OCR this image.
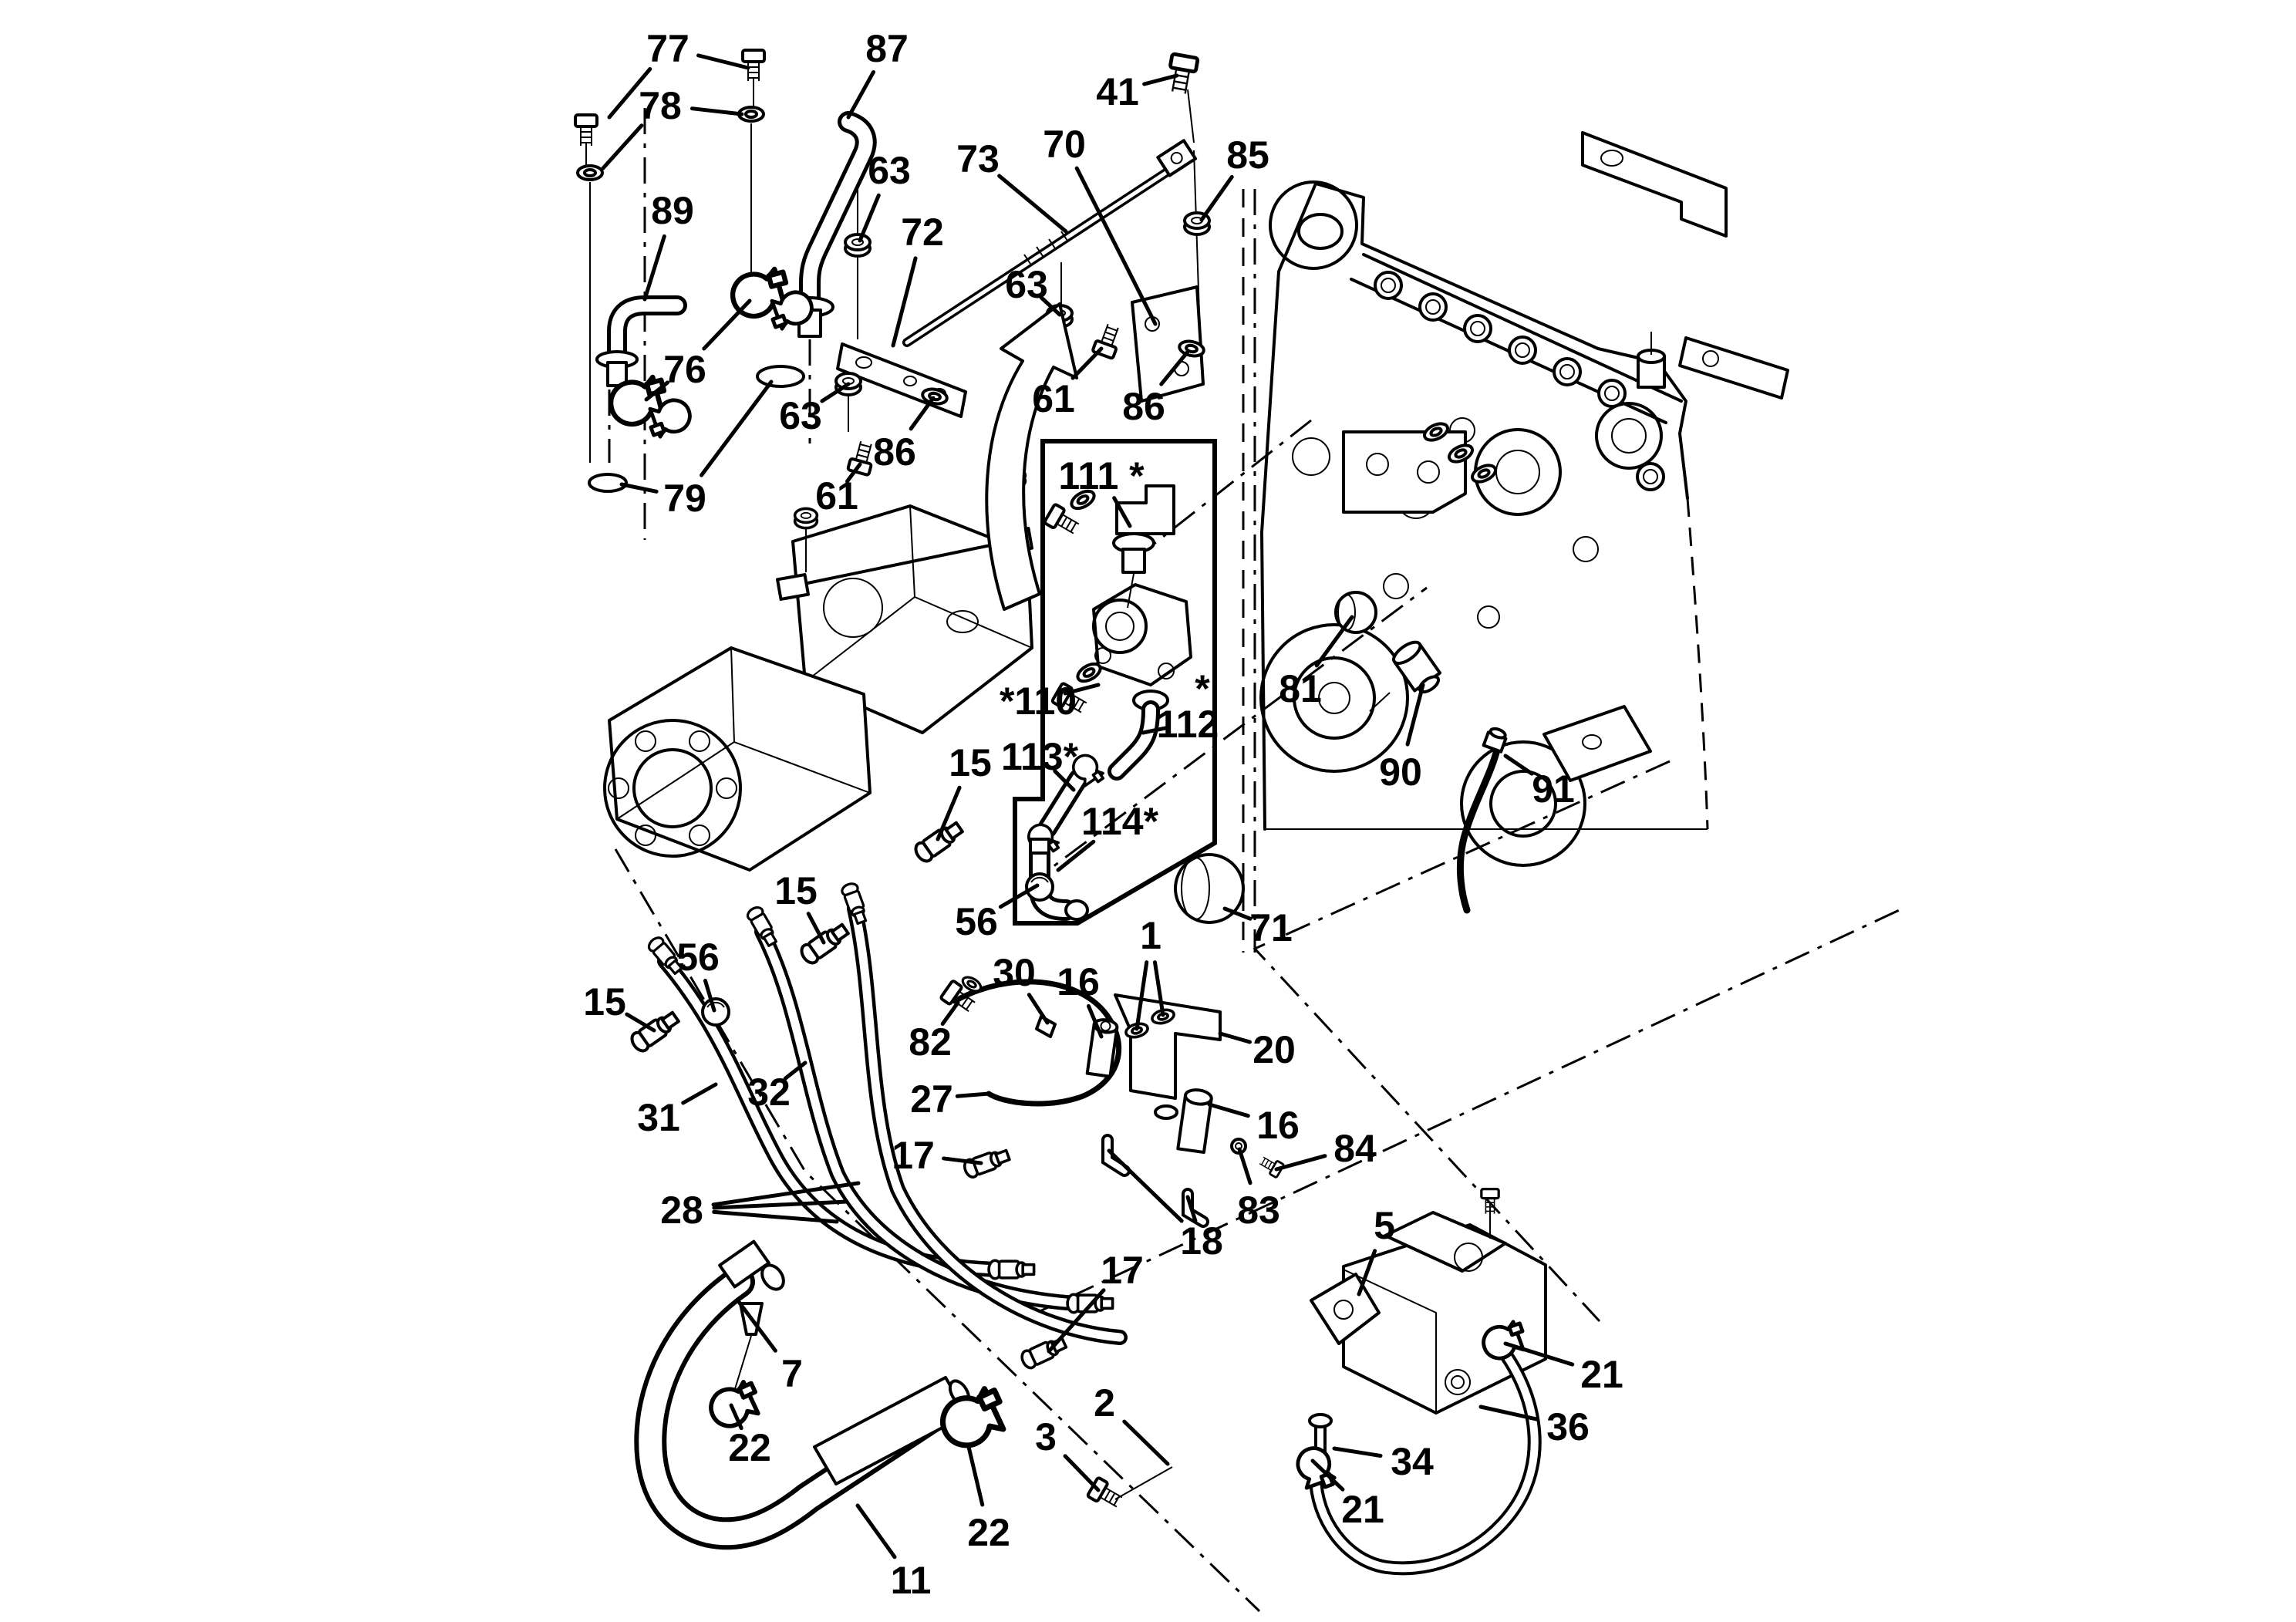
77
78
87
89
63 73 70
41
85
72
76
63
63
79	61
86
61 86
111 *
*110
112
*
113*
114*
81
90	91
71
15
56
15
56
15
31
32
30
82
27
17
16
1
20
16
84
83
18
28
17
5
7
22
22
3
2
34
21
21
36
11
